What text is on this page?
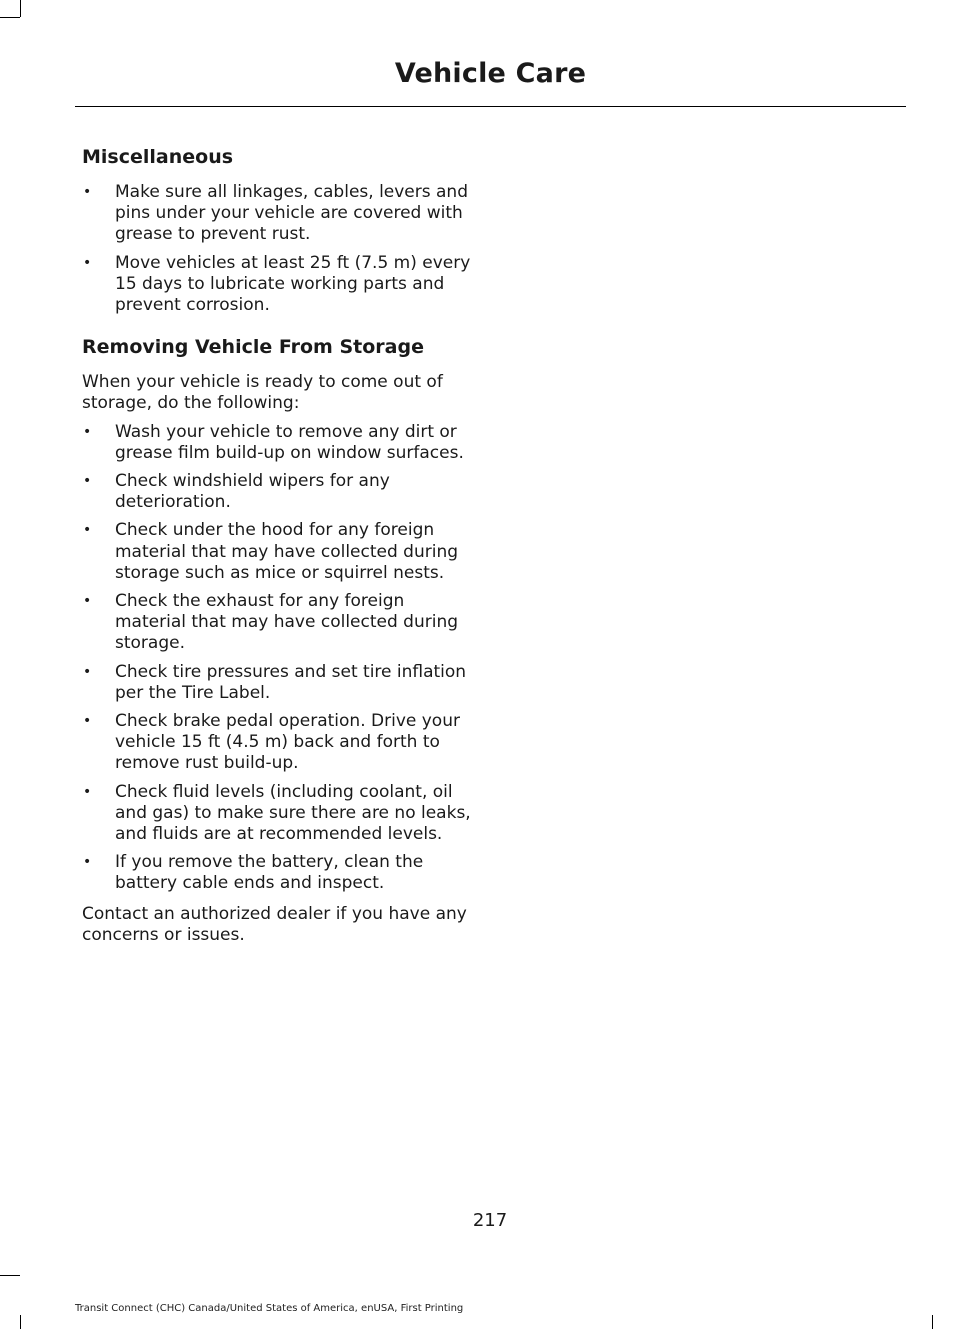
Vehicle Care
Miscellaneous
• Make sure all linkages, cables, levers and pins under your vehicle are covered with grease to prevent rust.
• Move vehicles at least 25 ft (7.5 m) every 15 days to lubricate working parts and prevent corrosion.
Removing Vehicle From Storage

When your vehicle is ready to come out of storage, do the following:

• Wash your vehicle to remove any dirt or grease film build-up on window surfaces.
• Check windshield wipers for any deterioration.
• Check under the hood for any foreign material that may have collected during storage such as mice or squirrel nests.
• Check the exhaust for any foreign material that may have collected during storage.
• Check tire pressures and set tire inflation per the Tire Label.
• Check brake pedal operation. Drive your vehicle 15 ft (4.5 m) back and forth to remove rust build-up.
• Check fluid levels (including coolant, oil and gas) to make sure there are no leaks, and fluids are at recommended levels.
• If you remove the battery, clean the battery cable ends and inspect.

Contact an authorized dealer if you have any concerns or issues.

217
Transit Connect (CHC) Canada/United States of America, enUSA, First Printing
